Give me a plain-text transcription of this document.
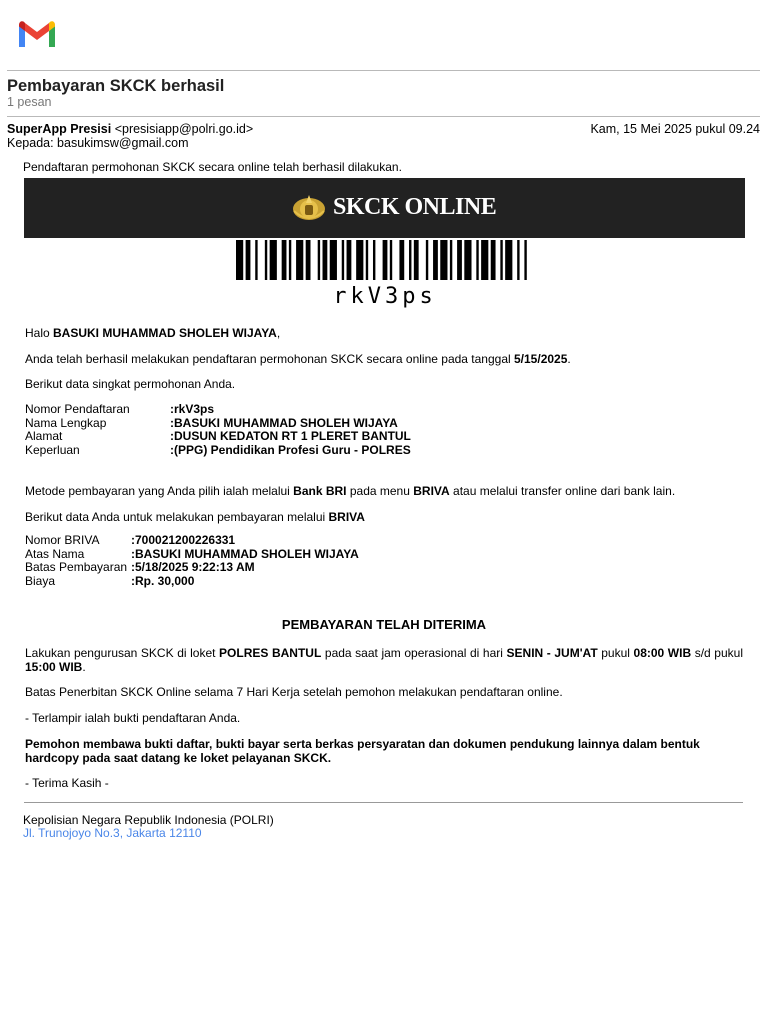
Pembayaran SKCK berhasil
1 pesan
SuperApp Presisi <presisiapp@polri.go.id>	Kam, 15 Mei 2025 pukul 09.24
Kepada: basukimsw@gmail.com
Pendaftaran permohonan SKCK secara online telah berhasil dilakukan.
SKCK ONLINE
rkV3ps
Halo BASUKI MUHAMMAD SHOLEH WIJAYA,
Anda telah berhasil melakukan pendaftaran permohonan SKCK secara online pada tanggal 5/15/2025.
Berikut data singkat permohonan Anda.
Nomor Pendaftaran	:rkV3ps
Nama Lengkap	:BASUKI MUHAMMAD SHOLEH WIJAYA
Alamat	:DUSUN KEDATON RT 1 PLERET BANTUL
Keperluan	:(PPG) Pendidikan Profesi Guru - POLRES
Metode pembayaran yang Anda pilih ialah melalui Bank BRI pada menu BRIVA atau melalui transfer online dari bank lain.
Berikut data Anda untuk melakukan pembayaran melalui BRIVA
Nomor BRIVA	:700021200226331
Atas Nama	:BASUKI MUHAMMAD SHOLEH WIJAYA
Batas Pembayaran :5/18/2025 9:22:13 AM
Biaya	:Rp. 30,000
PEMBAYARAN TELAH DITERIMA
Lakukan pengurusan SKCK di loket POLRES BANTUL pada saat jam operasional di hari SENIN - JUM'AT pukul 08:00 WIB s/d pukul 15:00 WIB.
Batas Penerbitan SKCK Online selama 7 Hari Kerja setelah pemohon melakukan pendaftaran online.
- Terlampir ialah bukti pendaftaran Anda.
Pemohon membawa bukti daftar, bukti bayar serta berkas persyaratan dan dokumen pendukung lainnya dalam bentuk hardcopy pada saat datang ke loket pelayanan SKCK.
- Terima Kasih -
Kepolisian Negara Republik Indonesia (POLRI)
Jl. Trunojoyo No.3, Jakarta 12110
